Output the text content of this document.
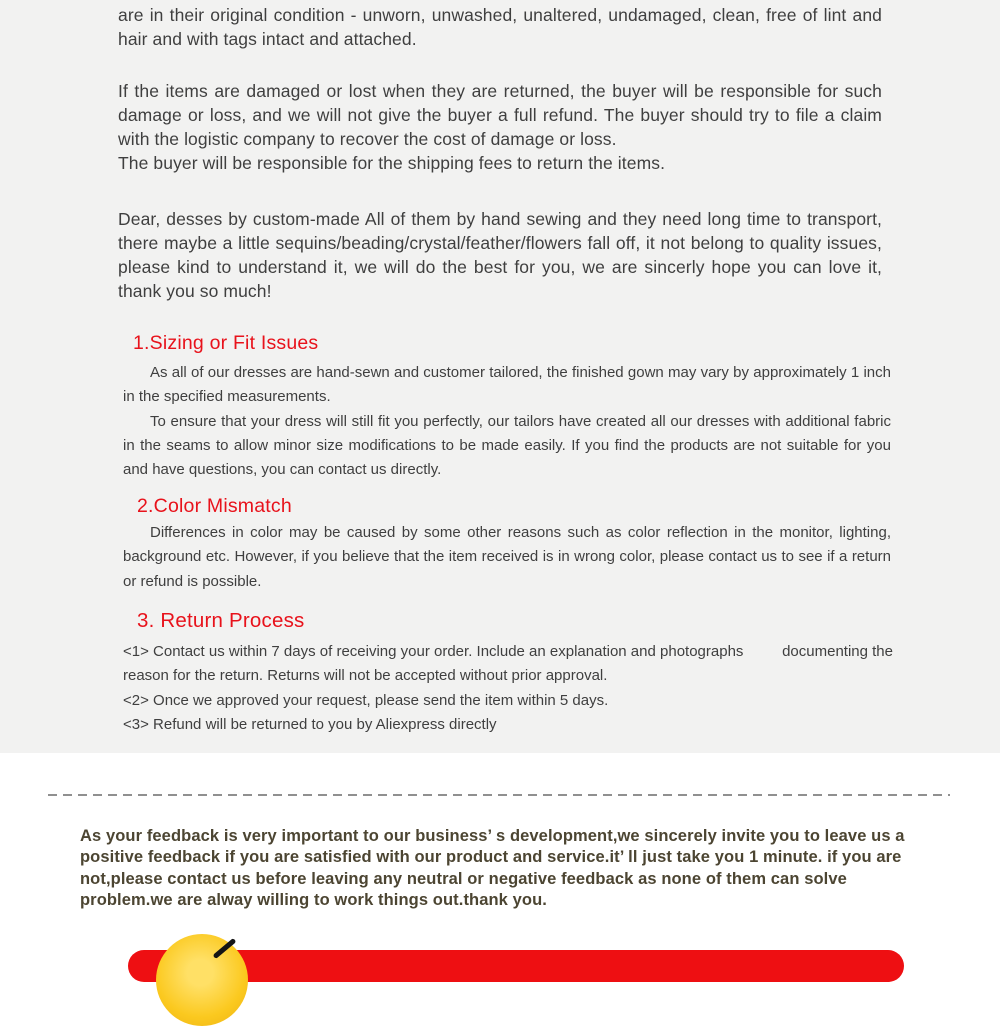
are in their original condition - unworn, unwashed, unaltered, undamaged, clean, free of lint and hair and with tags intact and attached.
If the items are damaged or lost when they are returned, the buyer will be responsible for such damage or loss, and we will not give the buyer a full refund. The buyer should try to file a claim with the logistic company to recover the cost of damage or loss.
The buyer will be responsible for the shipping fees to return the items.
Dear, desses by custom-made All of them by hand sewing and they need long time to transport, there maybe a little sequins/beading/crystal/feather/flowers fall off, it not belong to quality issues, please kind to understand it, we will do the best for you, we are sincerly hope you can love it, thank you so much!
1.Sizing or Fit Issues

As all of our dresses are hand-sewn and customer tailored, the finished gown may vary by approximately 1 inch in the specified measurements.

To ensure that your dress will still fit you perfectly, our tailors have created all our dresses with additional fabric in the seams to allow minor size modifications to be made easily. If you find the products are not suitable for you and have questions, you can contact us directly.

2.Color Mismatch

Differences in color may be caused by some other reasons such as color reflection in the monitor, lighting, background etc. However, if you believe that the item received is in wrong color, please contact us to see if a return or refund is possible.

3. Return Process
<1> Contact us within 7 days of receiving your order. Include an explanation and photographs	documenting the
reason for the return. Returns will not be accepted without prior approval.
<2> Once we approved your request, please send the item within 5 days.
<3> Refund will be returned to you by Aliexpress directly
As your feedback is very important to our business’ s development,we sincerely invite you to leave us a positive feedback if you are satisfied with our product and service.it’ ll just take you 1 minute. if you are not,please contact us before leaving any neutral or negative feedback as none of them can solve problem.we are alway willing to work things out.thank you.
